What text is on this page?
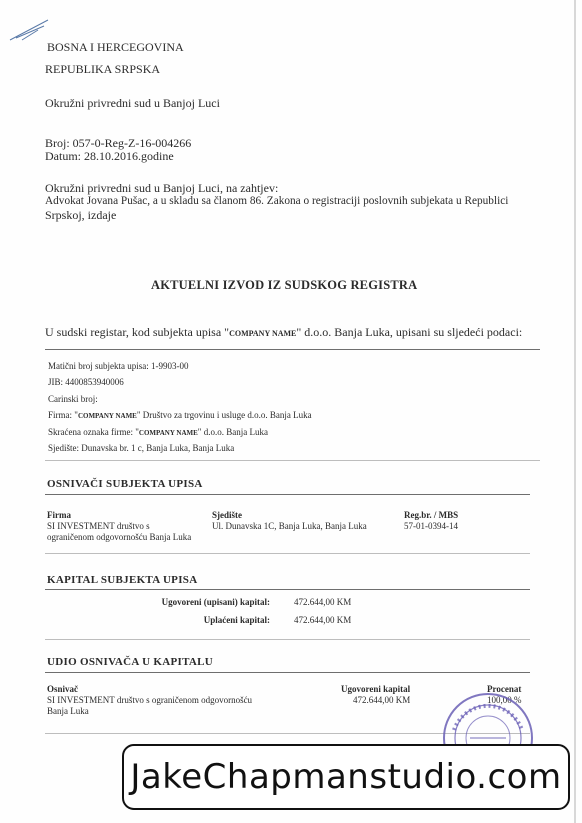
BOSNA I HERCEGOVINA
REPUBLIKA SRPSKA
Okružni privredni sud u Banjoj Luci
Broj: 057-0-Reg-Z-16-004266
Datum: 28.10.2016.godine
Okružni privredni sud u Banjoj Luci, na zahtjev:
Advokat Jovana Pušac, a u skladu sa članom 86. Zakona o registraciji poslovnih subjekata u Republici
Srpskoj, izdaje
AKTUELNI IZVOD IZ SUDSKOG REGISTRA
U sudski registar, kod subjekta upisa "COMPANY NAME" d.o.o. Banja Luka, upisani su sljedeći podaci:
Matični broj subjekta upisa: 1-9903-00
JIB: 4400853940006
Carinski broj:
Firma: "COMPANY NAME" Društvo za trgovinu i usluge d.o.o. Banja Luka
Skraćena oznaka firme: "COMPANY NAME" d.o.o. Banja Luka
Sjedište: Dunavska br. 1 c, Banja Luka, Banja Luka
OSNIVAČI SUBJEKTA UPISA
Firma	Sjedište	Reg.br. / MBS
SI INVESTMENT društvo s
ograničenom odgovornošću Banja Luka
Ul. Dunavska 1C, Banja Luka, Banja Luka	57-01-0394-14
KAPITAL SUBJEKTA UPISA
Ugovoreni (upisani) kapital:	472.644,00 KM
Uplaćeni kapital:	472.644,00 KM
UDIO OSNIVAČA U KAPITALU
Osnivač	Ugovoreni kapital	Procenat
SI INVESTMENT društvo s ograničenom odgovornošću
Banja Luka
472.644,00 KM	100,00 %
JakeChapmanstudio.com
